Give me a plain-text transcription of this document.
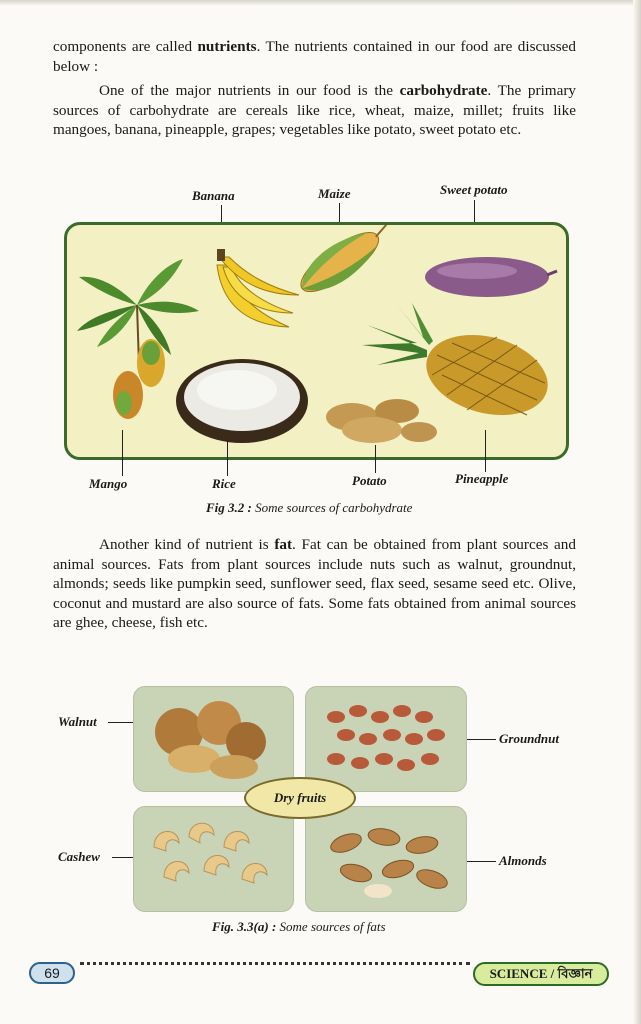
components are called nutrients. The nutrients contained in our food are discussed below :

One of the major nutrients in our food is the carbohydrate. The primary sources of carbohydrate are cereals like rice, wheat, maize, millet; fruits like mangoes, banana, pineapple, grapes; vegetables like potato, sweet potato etc.

Banana	Maize	Sweet potato
Mango	Rice	Potato	Pineapple
Fig 3.2 : Some sources of carbohydrate

Another kind of nutrient is fat. Fat can be obtained from plant sources and animal sources. Fats from plant sources include nuts such as walnut, groundnut, almonds; seeds like pumpkin seed, sunflower seed, flax seed, sesame seed etc. Olive, coconut and mustard are also source of fats. Some fats obtained from animal sources are ghee, cheese, fish etc.

Dry fruits
Walnut
Groundnut
Cashew	Almonds
Fig. 3.3(a) : Some sources of fats
69	SCIENCE / বিজ্ঞান
